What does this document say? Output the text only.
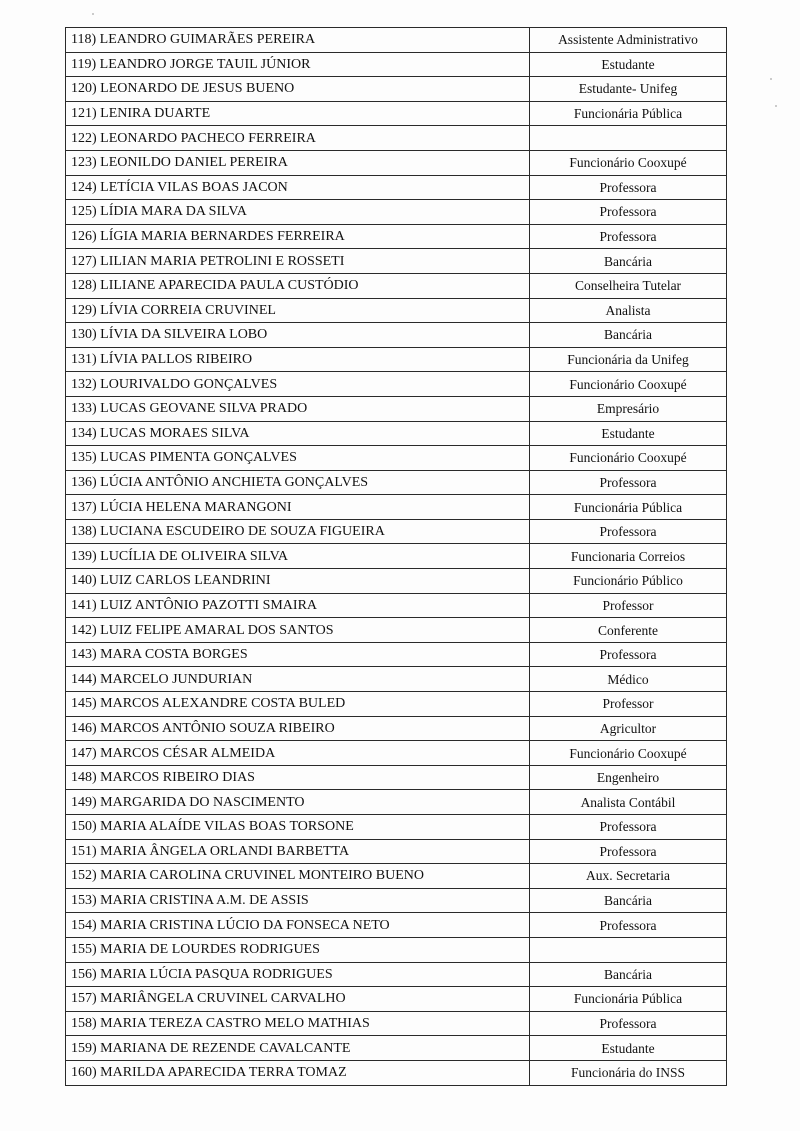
118) LEANDRO GUIMARÃES PEREIRA	Assistente Administrativo
119) LEANDRO JORGE TAUIL JÚNIOR	Estudante
120) LEONARDO DE JESUS BUENO	Estudante- Unifeg
121) LENIRA DUARTE	Funcionária Pública
122) LEONARDO PACHECO FERREIRA	
123) LEONILDO DANIEL PEREIRA	Funcionário Cooxupé
124) LETÍCIA VILAS BOAS JACON	Professora
125) LÍDIA MARA DA SILVA	Professora
126) LÍGIA MARIA BERNARDES FERREIRA	Professora
127) LILIAN MARIA PETROLINI E ROSSETI	Bancária
128) LILIANE APARECIDA PAULA CUSTÓDIO	Conselheira Tutelar
129) LÍVIA CORREIA CRUVINEL	Analista
130) LÍVIA DA SILVEIRA LOBO	Bancária
131) LÍVIA PALLOS RIBEIRO	Funcionária da Unifeg
132) LOURIVALDO GONÇALVES	Funcionário Cooxupé
133) LUCAS GEOVANE SILVA PRADO	Empresário
134) LUCAS MORAES SILVA	Estudante
135) LUCAS PIMENTA GONÇALVES	Funcionário Cooxupé
136) LÚCIA ANTÔNIO ANCHIETA GONÇALVES	Professora
137) LÚCIA HELENA MARANGONI	Funcionária Pública
138) LUCIANA ESCUDEIRO DE SOUZA FIGUEIRA	Professora
139) LUCÍLIA DE OLIVEIRA SILVA	Funcionaria Correios
140) LUIZ CARLOS LEANDRINI	Funcionário Público
141) LUIZ ANTÔNIO PAZOTTI SMAIRA	Professor
142) LUIZ FELIPE AMARAL DOS SANTOS	Conferente
143) MARA COSTA BORGES	Professora
144) MARCELO JUNDURIAN	Médico
145) MARCOS ALEXANDRE COSTA BULED	Professor
146) MARCOS ANTÔNIO SOUZA RIBEIRO	Agricultor
147) MARCOS CÉSAR ALMEIDA	Funcionário Cooxupé
148) MARCOS RIBEIRO DIAS	Engenheiro
149) MARGARIDA DO NASCIMENTO	Analista Contábil
150) MARIA ALAÍDE VILAS BOAS TORSONE	Professora
151) MARIA ÂNGELA ORLANDI BARBETTA	Professora
152) MARIA CAROLINA CRUVINEL MONTEIRO BUENO	Aux. Secretaria
153) MARIA CRISTINA A.M. DE ASSIS	Bancária
154) MARIA CRISTINA LÚCIO DA FONSECA NETO	Professora
155) MARIA DE LOURDES RODRIGUES	
156) MARIA LÚCIA PASQUA RODRIGUES	Bancária
157) MARIÂNGELA CRUVINEL CARVALHO	Funcionária Pública
158) MARIA TEREZA CASTRO MELO MATHIAS	Professora
159) MARIANA DE REZENDE CAVALCANTE	Estudante
160) MARILDA APARECIDA TERRA TOMAZ	Funcionária do INSS
